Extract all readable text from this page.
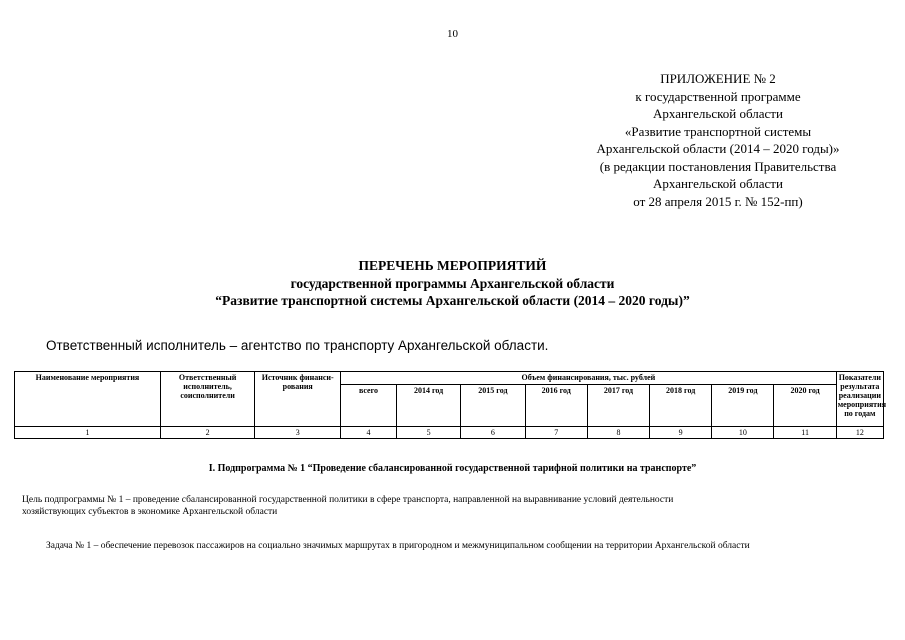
10
ПРИЛОЖЕНИЕ № 2
к государственной программе
Архангельской области
«Развитие транспортной системы
Архангельской области (2014 – 2020 годы)»
(в редакции постановления Правительства
Архангельской области
от 28 апреля 2015 г. № 152-пп)
ПЕРЕЧЕНЬ МЕРОПРИЯТИЙ
государственной программы Архангельской области
“Развитие транспортной системы Архангельской области (2014 – 2020 годы)”
Ответственный исполнитель – агентство по транспорту Архангельской области.
Наименование мероприятия	Ответственный исполнитель, соисполнители	Источник финанси- рования	Объем финансирования, тыс. рублей								Показатели результата реализации мероприятия по годам
			всего	2014 год	2015 год	2016 год	2017 год	2018 год	2019 год	2020 год	
1	2	3	4	5	6	7	8	9	10	11	12
I. Подпрограмма № 1 “Проведение сбалансированной государственной тарифной политики на транспорте”
Цель подпрограммы № 1 – проведение сбалансированной государственной политики в сфере транспорта, направленной на выравнивание условий деятельности
хозяйствующих субъектов в экономике Архангельской области
Задача № 1 – обеспечение перевозок пассажиров на социально значимых маршрутах в пригородном и межмуниципальном сообщении на территории Архангельской области
